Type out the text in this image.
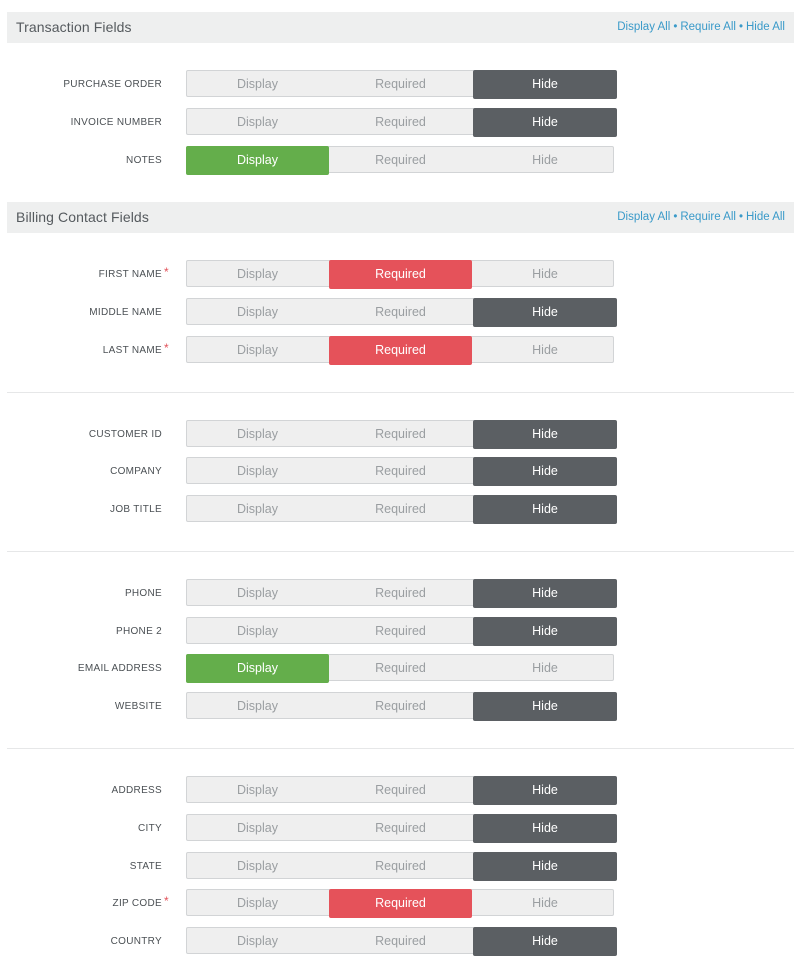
Transaction Fields	Display All • Require All • Hide All
PURCHASE ORDER	Display	Required	Hide
INVOICE NUMBER	Display	Required	Hide
NOTES	Display	Required	Hide
Billing Contact Fields	Display All • Require All • Hide All
FIRST NAME *	Display	Required	Hide
MIDDLE NAME	Display	Required	Hide
LAST NAME *	Display	Required	Hide
CUSTOMER ID	Display	Required	Hide
COMPANY	Display	Required	Hide
JOB TITLE	Display	Required	Hide
PHONE	Display	Required	Hide
PHONE 2	Display	Required	Hide
EMAIL ADDRESS	Display	Required	Hide
WEBSITE	Display	Required	Hide
ADDRESS	Display	Required	Hide
CITY	Display	Required	Hide
STATE	Display	Required	Hide
ZIP CODE *	Display	Required	Hide
COUNTRY	Display	Required	Hide
